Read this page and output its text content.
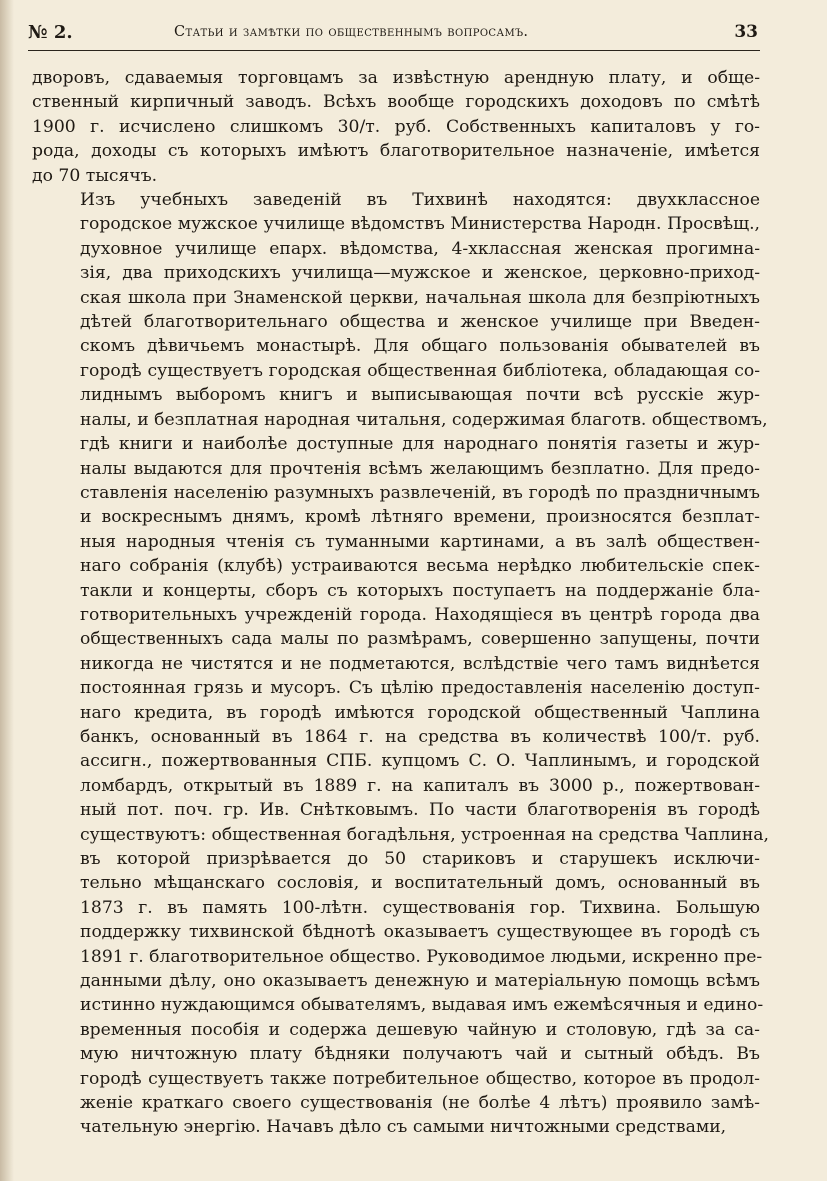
№ 2.	Статьи и замѣтки по общественнымъ вопросамъ.	33

дворовъ, сдаваемыя торговцамъ за извѣстную арендную плату, и обще-
ственный кирпичный заводъ. Всѣхъ вообще городскихъ доходовъ по смѣтѣ
1900 г. исчислено слишкомъ 30/т. руб. Собственныхъ капиталовъ у го-
рода, доходы съ которыхъ имѣютъ благотворительное назначеніе, имѣется
до 70 тысячъ.

Изъ учебныхъ заведеній въ Тихвинѣ находятся: двухклассное
городское мужское училище вѣдомствъ Министерства Народн. Просвѣщ.,
духовное училище епарх. вѣдомства, 4-хклассная женская прогимна-
зія, два приходскихъ училища—мужское и женское, церковно-приход-
ская школа при Знаменской церкви, начальная школа для безпріютныхъ
дѣтей благотворительнаго общества и женское училище при Введен-
скомъ дѣвичьемъ монастырѣ. Для общаго пользованія обывателей въ
городѣ существуетъ городская общественная библіотека, обладающая со-
лиднымъ выборомъ книгъ и выписывающая почти всѣ русскіе жур-
налы, и безплатная народная читальня, содержимая благотв. обществомъ,
гдѣ книги и наиболѣе доступные для народнаго понятія газеты и жур-
налы выдаются для прочтенія всѣмъ желающимъ безплатно. Для предо-
ставленія населенію разумныхъ развлеченій, въ городѣ по праздничнымъ
и воскреснымъ днямъ, кромѣ лѣтняго времени, произносятся безплат-
ныя народныя чтенія съ туманными картинами, а въ залѣ обществен-
наго собранія (клубѣ) устраиваются весьма нерѣдко любительскіе спек-
такли и концерты, сборъ съ которыхъ поступаетъ на поддержаніе бла-
готворительныхъ учрежденій города. Находящіеся въ центрѣ города два
общественныхъ сада малы по размѣрамъ, совершенно запущены, почти
никогда не чистятся и не подметаются, вслѣдствіе чего тамъ виднѣется
постоянная грязь и мусоръ. Съ цѣлію предоставленія населенію доступ-
наго кредита, въ городѣ имѣются городской общественный Чаплина
банкъ, основанный въ 1864 г. на средства въ количествѣ 100/т. руб.
ассигн., пожертвованныя СПБ. купцомъ С. О. Чаплинымъ, и городской
ломбардъ, открытый въ 1889 г. на капиталъ въ 3000 р., пожертвован-
ный пот. поч. гр. Ив. Снѣтковымъ. По части благотворенія въ городѣ
существуютъ: общественная богадѣльня, устроенная на средства Чаплина,
въ которой призрѣвается до 50 стариковъ и старушекъ исключи-
тельно мѣщанскаго сословія, и воспитательный домъ, основанный въ
1873 г. въ память 100-лѣтн. существованія гор. Тихвина. Большую
поддержку тихвинской бѣднотѣ оказываетъ существующее въ городѣ съ
1891 г. благотворительное общество. Руководимое людьми, искренно пре-
данными дѣлу, оно оказываетъ денежную и матеріальную помощь всѣмъ
истинно нуждающимся обывателямъ, выдавая имъ ежемѣсячныя и едино-
временныя пособія и содержа дешевую чайную и столовую, гдѣ за са-
мую ничтожную плату бѣдняки получаютъ чай и сытный обѣдъ. Въ
городѣ существуетъ также потребительное общество, которое въ продол-
женіе краткаго своего существованія (не болѣе 4 лѣтъ) проявило замѣ-
чательную энергію. Начавъ дѣло съ самыми ничтожными средствами,
